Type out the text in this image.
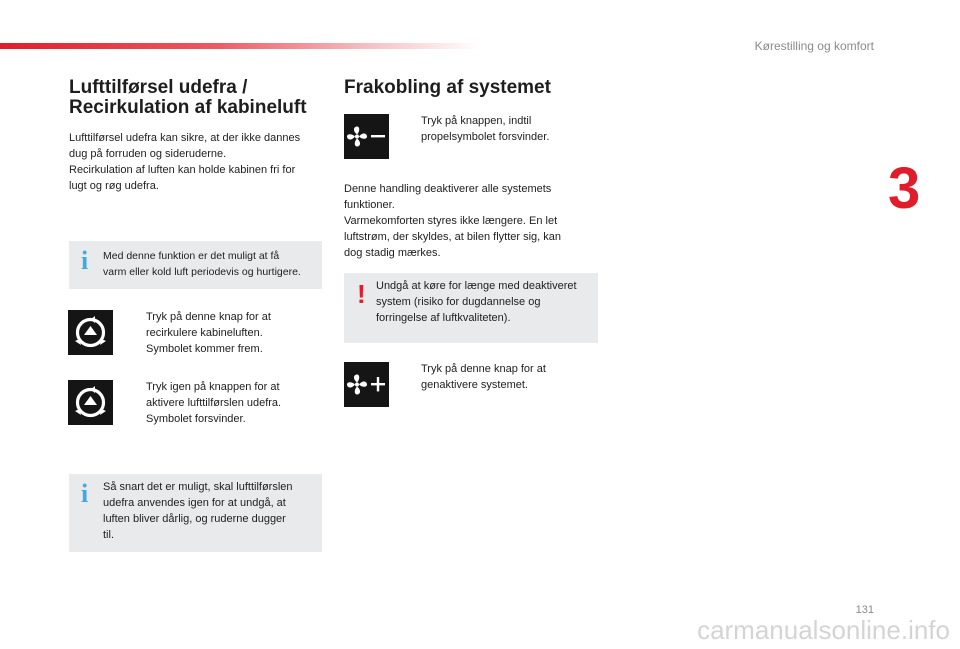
Kørestilling og komfort
3
Lufttilførsel udefra /
Recirkulation af kabineluft

Lufttilførsel udefra kan sikre, at der ikke dannes
dug på forruden og sideruderne.
Recirkulation af luften kan holde kabinen fri for
lugt og røg udefra.

i Med denne funktion er det muligt at få
varm eller kold luft periodevis og hurtigere.
Tryk på denne knap for at
recirkulere kabineluften.
Symbolet kommer frem.
Tryk igen på knappen for at
aktivere lufttilførslen udefra.
Symbolet forsvinder.
i Så snart det er muligt, skal lufttilførslen
udefra anvendes igen for at undgå, at
luften bliver dårlig, og ruderne dugger
til.
Frakobling af systemet
Tryk på knappen, indtil
propelsymbolet forsvinder.

Denne handling deaktiverer alle systemets
funktioner.
Varmekomforten styres ikke længere. En let
luftstrøm, der skyldes, at bilen flytter sig, kan
dog stadig mærkes.

! Undgå at køre for længe med deaktiveret
system (risiko for dugdannelse og
forringelse af luftkvaliteten).
Tryk på denne knap for at
genaktivere systemet.
131
carmanualsonline.info
